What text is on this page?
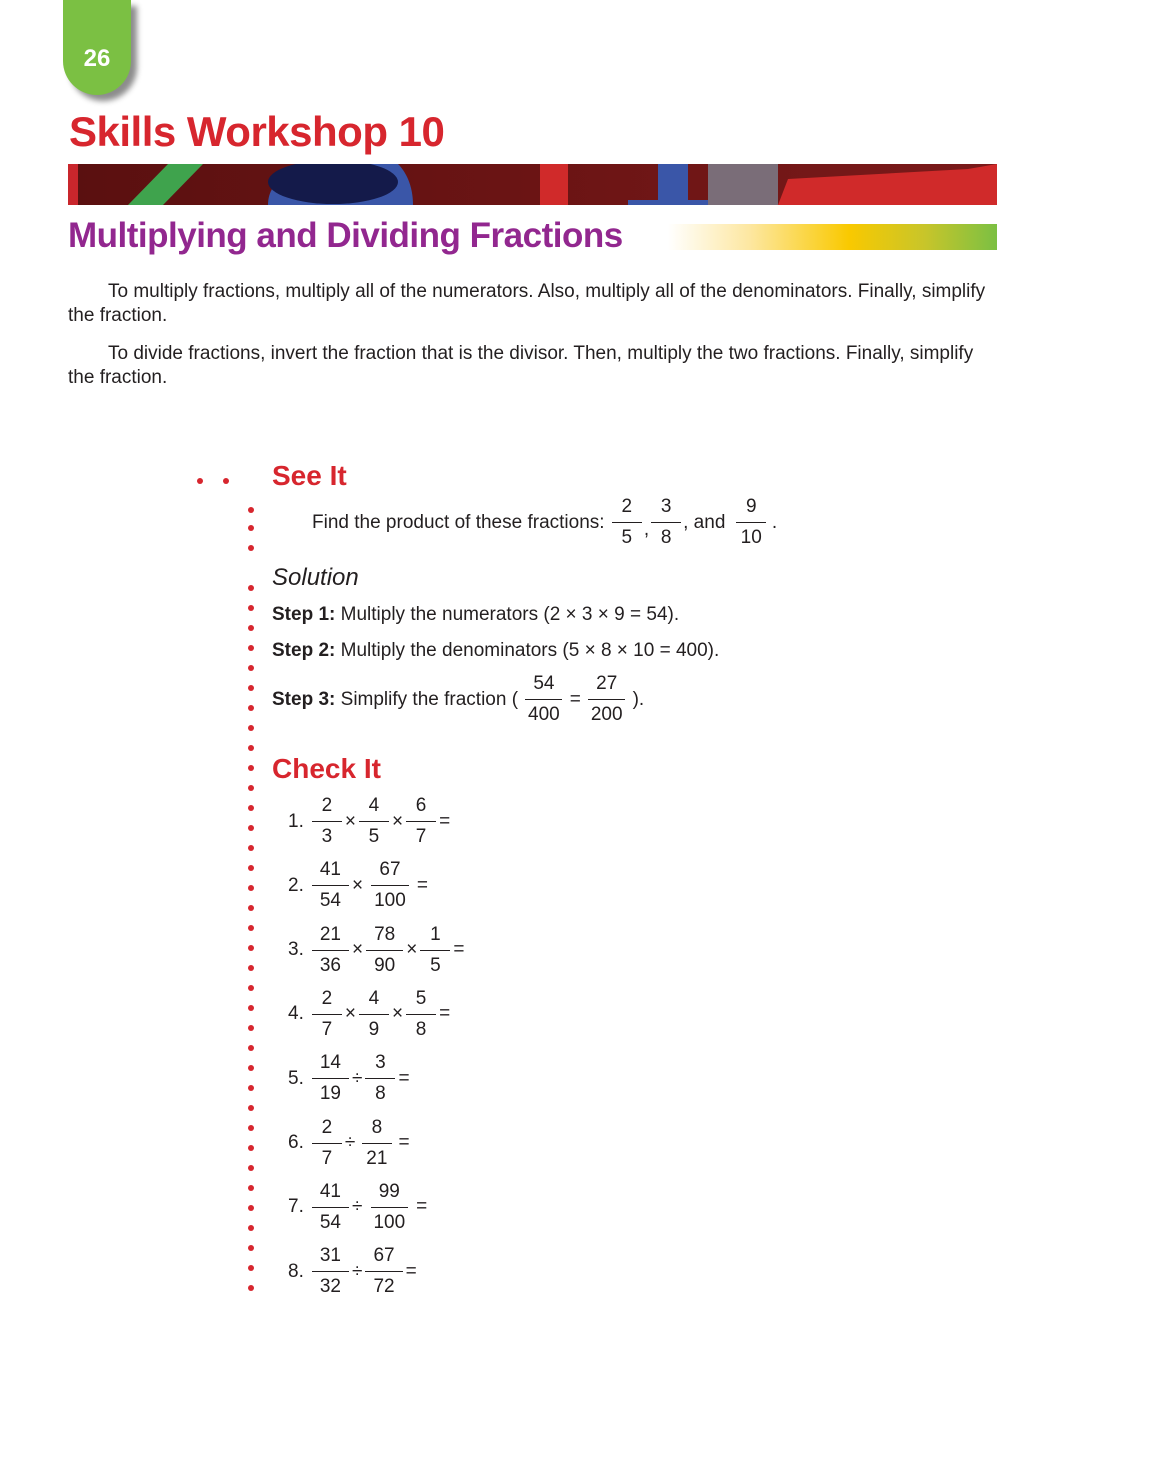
26
Skills Workshop 10
Multiplying and Dividing Fractions

To multiply fractions, multiply all of the numerators. Also, multiply all of the denominators. Finally, simplify the fraction.

To divide fractions, invert the fraction that is the divisor. Then, multiply the two fractions. Finally, simplify the fraction.

See It
Find the product of these fractions:
$\frac{2}{5}$ , $\frac{3}{8}$ , and
$\frac{9}{10}$ .
Solution
Step 1:
Multiply the numerators (2 × 3 × 9 = 54).
Step 2:
Multiply the denominators (5 × 8 × 10 = 400).
Step 3:
Simplify the fraction ( $\frac{54}{400} = \frac{27}{200}$ ).
Check It
1. $\frac{2}{3} \times \frac{4}{5} \times \frac{6}{7}$ =
2. $\frac{41}{54} \times \frac{67}{100}$ =
3. $\frac{21}{36} \times \frac{78}{90} \times \frac{1}{5}$ =
4. $\frac{2}{7} \times \frac{4}{9} \times \frac{5}{8}$ =
5. $\frac{14}{19} \div \frac{3}{8}$ =
6. $\frac{2}{7} \div \frac{8}{21}$ =
7. $\frac{41}{54} \div \frac{99}{100}$ =
8. $\frac{31}{32} \div \frac{67}{72}$ =
